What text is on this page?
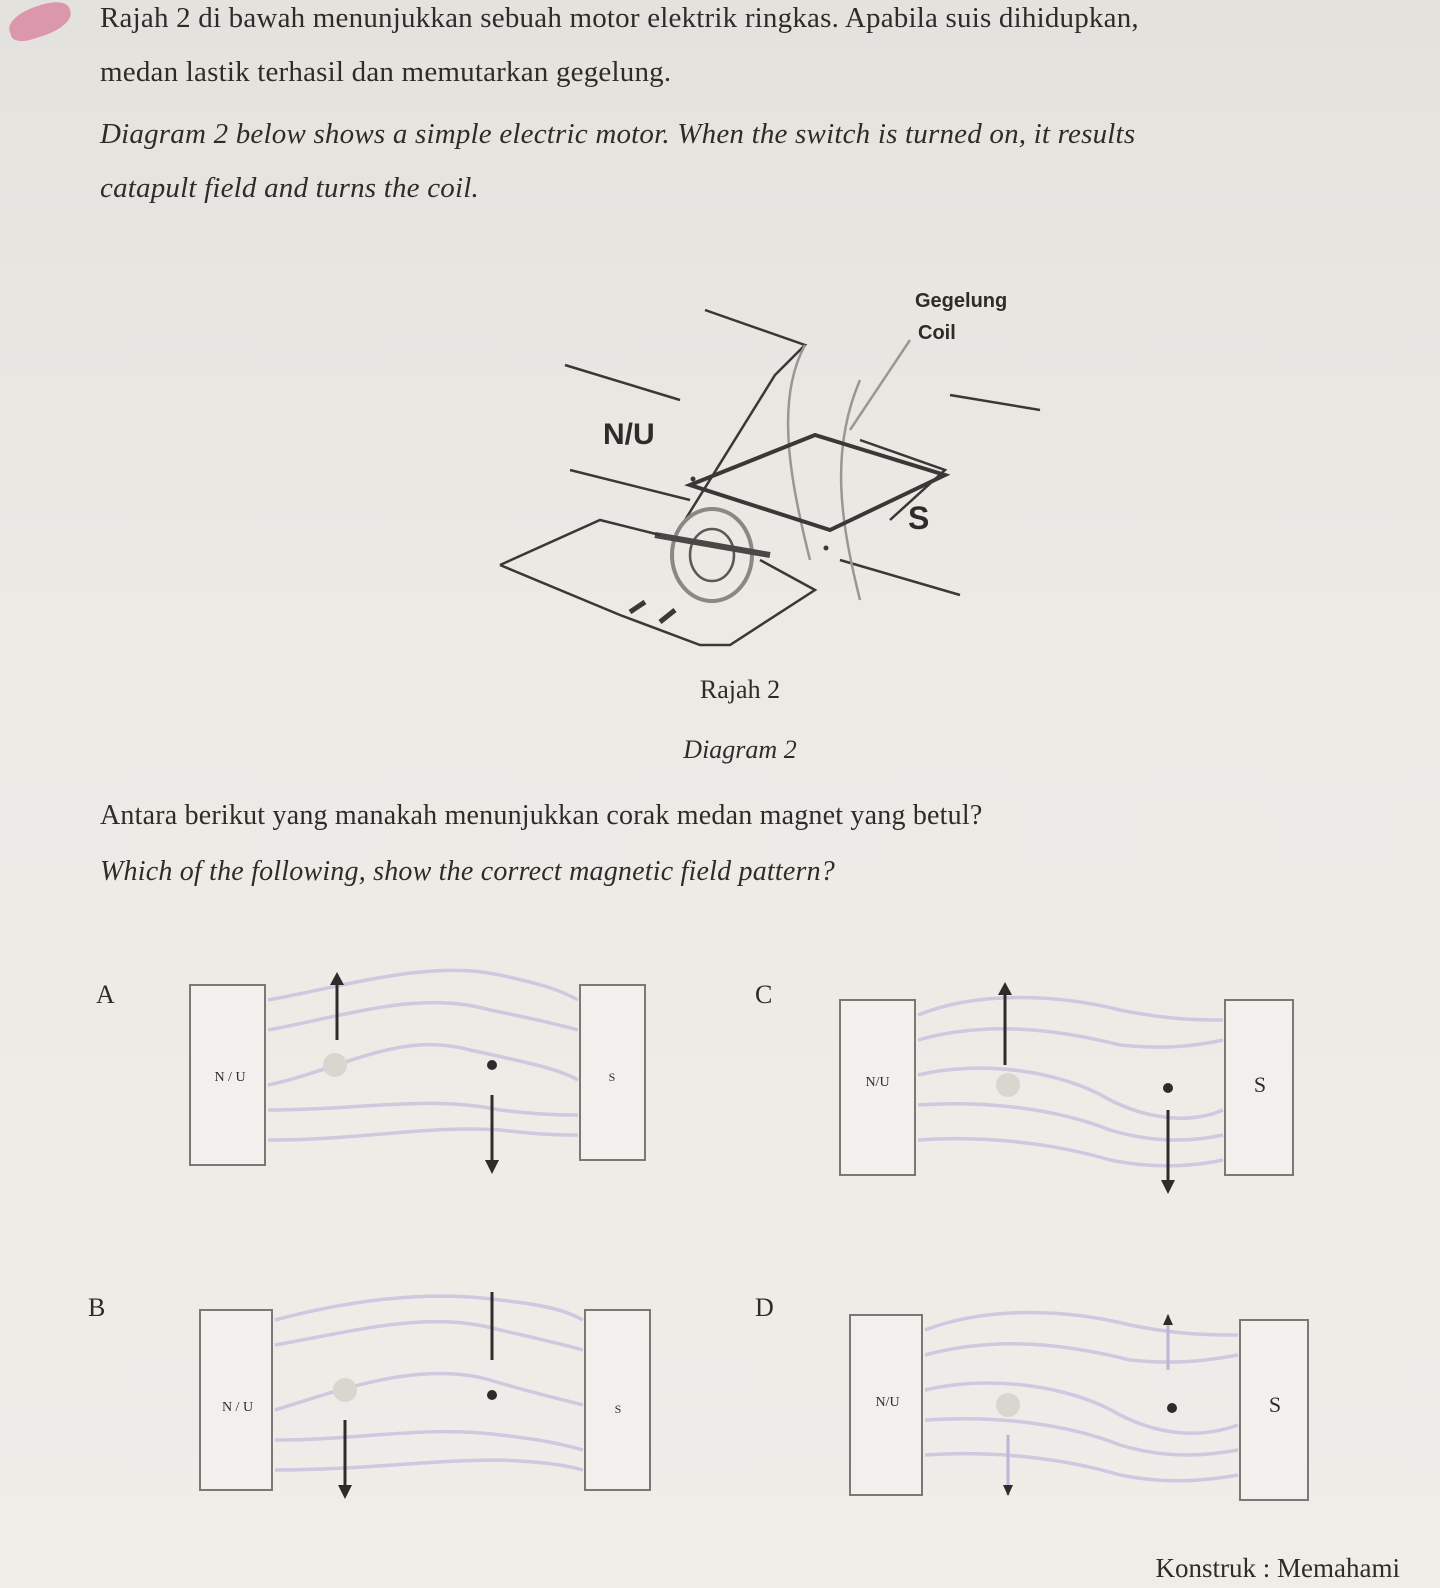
Rajah 2 di bawah menunjukkan sebuah motor elektrik ringkas. Apabila suis dihidupkan,
medan lastik terhasil dan memutarkan gegelung.
Diagram 2 below shows a simple electric motor. When the switch is turned on, it results
catapult field and turns the coil.
Gegelung
Coil
N/U
S
Rajah 2
Diagram 2
Antara berikut yang manakah menunjukkan corak medan magnet yang betul?
Which of the following, show the correct magnetic field pattern?
A
B
C
D
N / U	S
N / U	S
N/U	S
N/U	S
Konstruk : Memahami
